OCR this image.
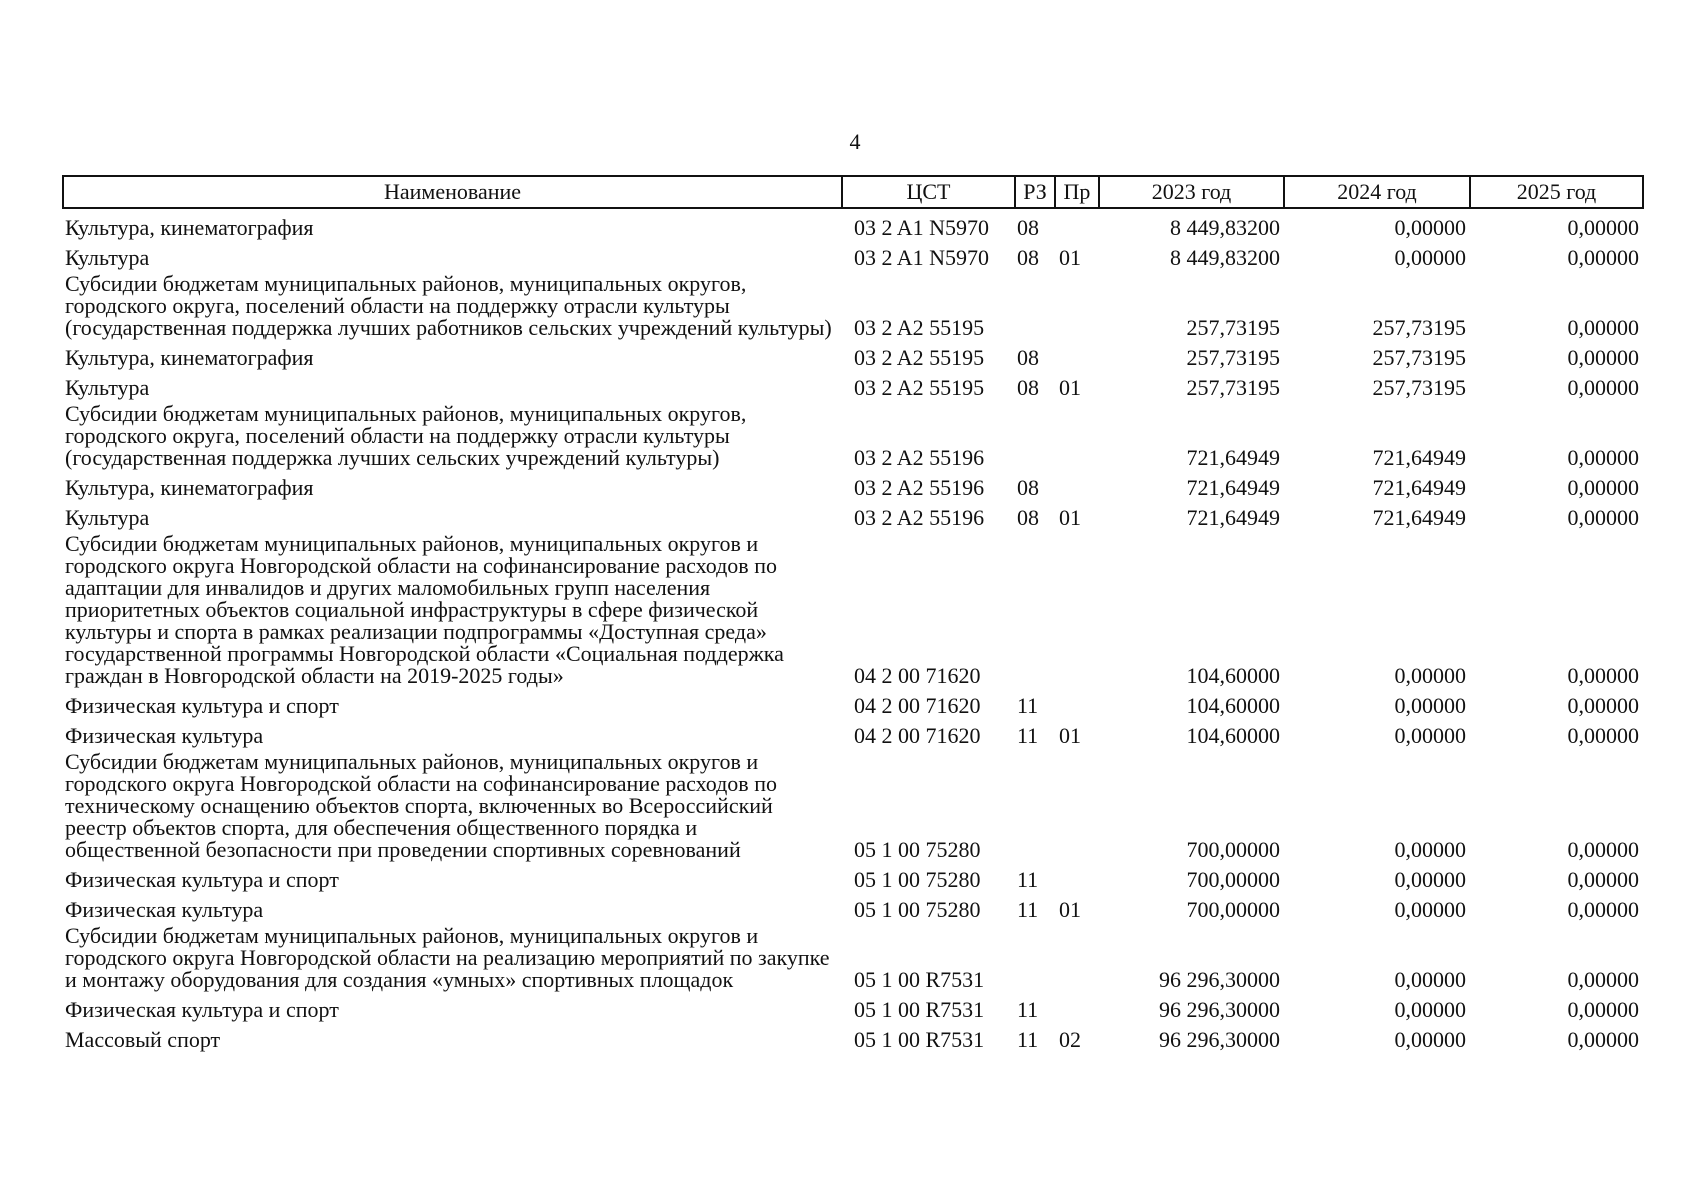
4
Наименование	ЦСТ	РЗ	Пр	2023 год	2024 год	2025 год
Культура, кинематография	03 2 A1 N5970	08		8 449,83200	0,00000	0,00000
Культура	03 2 A1 N5970	08	01	8 449,83200	0,00000	0,00000
Субсидии бюджетам муниципальных районов, муниципальных округов, городского округа, поселений области на поддержку отрасли культуры (государственная поддержка лучших работников сельских учреждений культуры)	03 2 A2 55195			257,73195	257,73195	0,00000
Культура, кинематография	03 2 A2 55195	08		257,73195	257,73195	0,00000
Культура	03 2 A2 55195	08	01	257,73195	257,73195	0,00000
Субсидии бюджетам муниципальных районов, муниципальных округов, городского округа, поселений области на поддержку отрасли культуры (государственная поддержка лучших сельских учреждений культуры)	03 2 A2 55196			721,64949	721,64949	0,00000
Культура, кинематография	03 2 A2 55196	08		721,64949	721,64949	0,00000
Культура	03 2 A2 55196	08	01	721,64949	721,64949	0,00000
Субсидии бюджетам муниципальных районов, муниципальных округов и городского округа Новгородской области на софинансирование расходов по адаптации для инвалидов и других маломобильных групп населения приоритетных объектов социальной инфраструктуры в сфере физической культуры и спорта в рамках реализации подпрограммы «Доступная среда» государственной программы Новгородской области «Социальная поддержка граждан в Новгородской области на 2019-2025 годы»	04 2 00 71620			104,60000	0,00000	0,00000
Физическая культура и спорт	04 2 00 71620	11		104,60000	0,00000	0,00000
Физическая культура	04 2 00 71620	11	01	104,60000	0,00000	0,00000
Субсидии бюджетам муниципальных районов, муниципальных округов и городского округа Новгородской области на софинансирование расходов по техническому оснащению объектов спорта, включенных во Всероссийский реестр объектов спорта, для обеспечения общественного порядка и общественной безопасности при проведении спортивных соревнований	05 1 00 75280			700,00000	0,00000	0,00000
Физическая культура и спорт	05 1 00 75280	11		700,00000	0,00000	0,00000
Физическая культура	05 1 00 75280	11	01	700,00000	0,00000	0,00000
Субсидии бюджетам муниципальных районов, муниципальных округов и городского округа Новгородской области на реализацию мероприятий по закупке и монтажу оборудования для создания «умных» спортивных площадок	05 1 00 R7531			96 296,30000	0,00000	0,00000
Физическая культура и спорт	05 1 00 R7531	11		96 296,30000	0,00000	0,00000
Массовый спорт	05 1 00 R7531	11	02	96 296,30000	0,00000	0,00000
